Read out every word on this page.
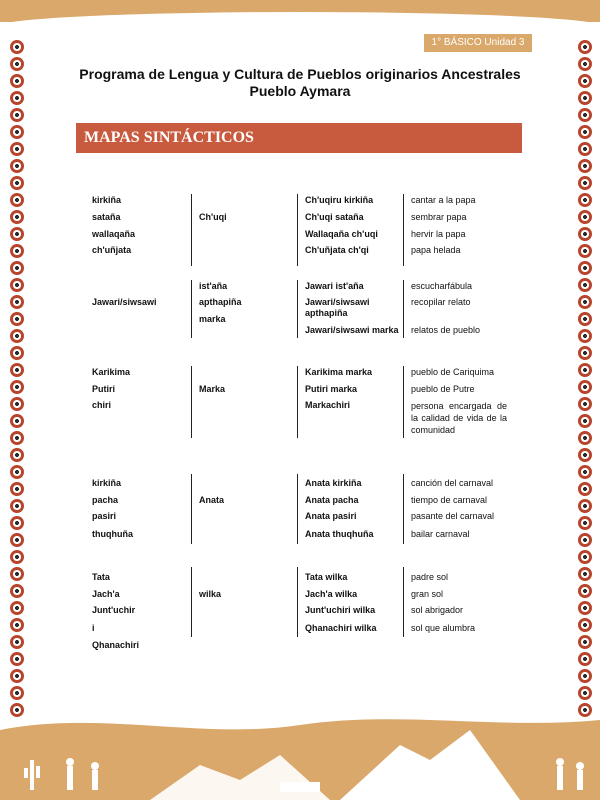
1° BÁSICO Unidad 3
Programa de Lengua y Cultura de Pueblos originarios Ancestrales
Pueblo Aymara
MAPAS SINTÁCTICOS
kirkiña
sataña
wallaqaña
ch'uñjata
Ch'uqi
Ch'uqiru kirkiña
Ch'uqi sataña
Wallaqaña ch'uqi
Ch'uñjata ch'qi
cantar a la papa
sembrar papa
hervir la papa
papa helada
Jawari/siwsawi
ist'aña
apthapiña
marka
Jawari ist'aña
Jawari/siwsawi apthapiña
Jawari/siwsawi marka
escucharfábula
recopilar relato
relatos de pueblo
Karikima
Putiri
chiri
Marka
Karikima marka
Putiri marka
Markachiri
pueblo de Cariquima
pueblo de Putre
persona encargada de la calidad de vida de la comunidad
kirkiña
pacha
pasiri
thuqhuña
Anata
Anata kirkiña
Anata pacha
Anata pasiri
Anata thuqhuña
canción del carnaval
tiempo de carnaval
pasante del carnaval
bailar carnaval
Tata
Jach'a
Junt'uchir
i
Qhanachiri
wilka
Tata wilka
Jach'a wilka
Junt'uchiri wilka
Qhanachiri wilka
padre sol
gran sol
sol abrigador
sol que alumbra
